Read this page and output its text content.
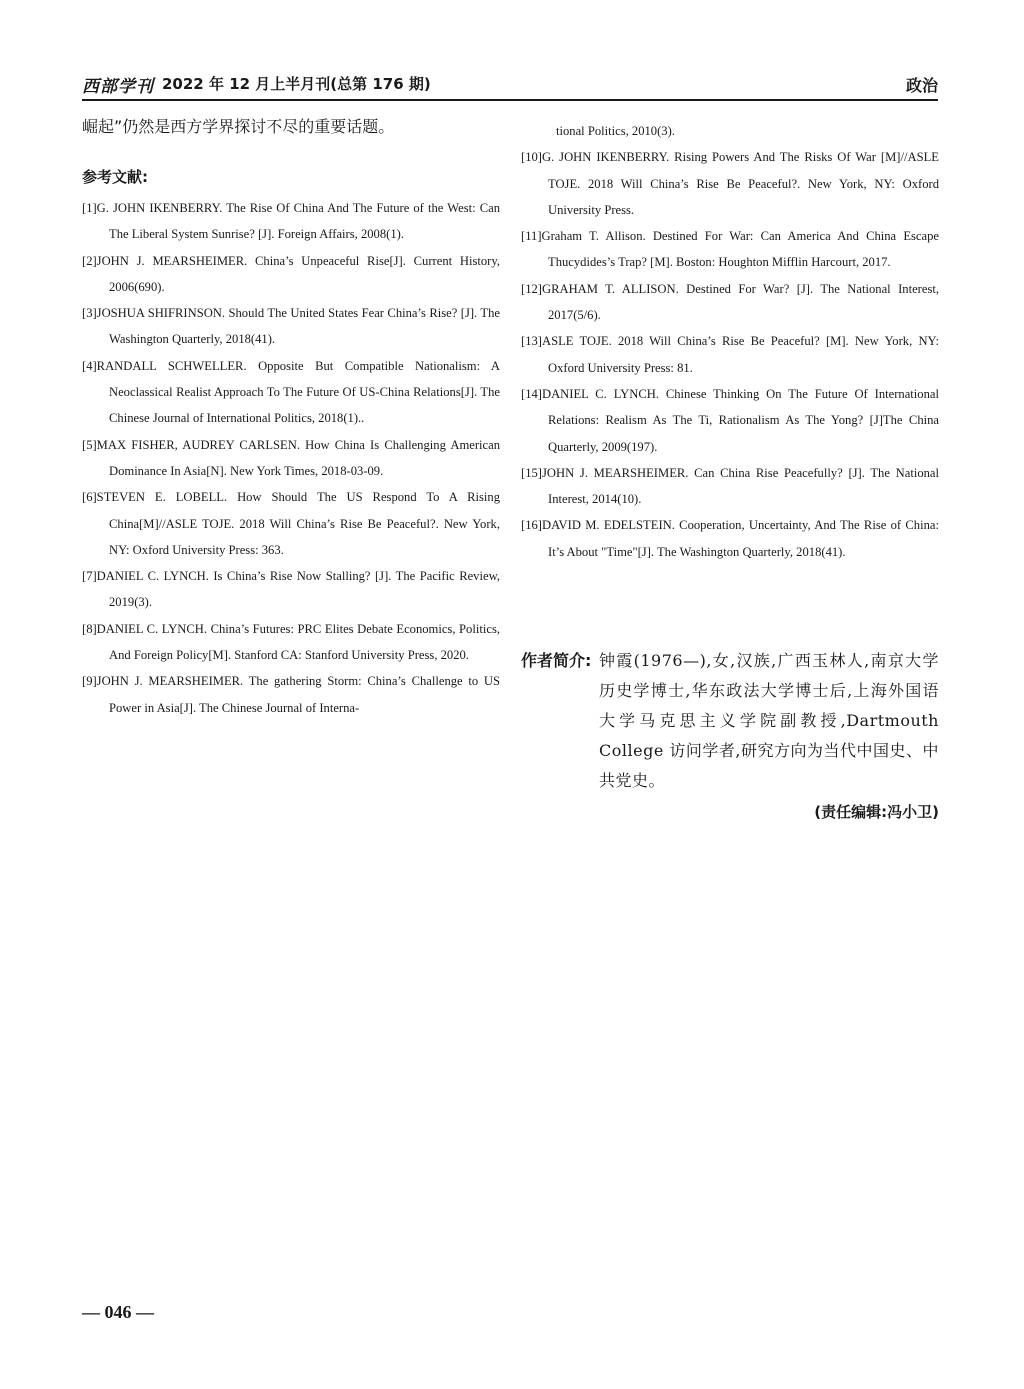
西部学刊 2022 年 12 月上半月刊(总第 176 期)	政治

崛起”仍然是西方学界探讨不尽的重要话题。

参考文献:

[1]G. JOHN IKENBERRY. The Rise Of China And The Future of the West: Can The Liberal System Sunrise? [J]. Foreign Affairs, 2008(1).

[2]JOHN J. MEARSHEIMER. China’s Unpeaceful Rise[J]. Current History, 2006(690).

[3]JOSHUA SHIFRINSON. Should The United States Fear China’s Rise? [J]. The Washington Quarterly, 2018(41).

[4]RANDALL SCHWELLER. Opposite But Compatible Nationalism: A Neoclassical Realist Approach To The Future Of US-China Relations[J]. The Chinese Journal of International Politics, 2018(1)..

[5]MAX FISHER, AUDREY CARLSEN. How China Is Challenging American Dominance In Asia[N]. New York Times, 2018-03-09.

[6]STEVEN E. LOBELL. How Should The US Respond To A Rising China[M]//ASLE TOJE. 2018 Will China’s Rise Be Peaceful?. New York, NY: Oxford University Press: 363.

[7]DANIEL C. LYNCH. Is China’s Rise Now Stalling? [J]. The Pacific Review, 2019(3).

[8]DANIEL C. LYNCH. China’s Futures: PRC Elites Debate Economics, Politics, And Foreign Policy[M]. Stanford CA: Stanford University Press, 2020.

[9]JOHN J. MEARSHEIMER. The gathering Storm: China’s Challenge to US Power in Asia[J]. The Chinese Journal of Interna-

tional Politics, 2010(3).

[10]G. JOHN IKENBERRY. Rising Powers And The Risks Of War [M]//ASLE TOJE. 2018 Will China’s Rise Be Peaceful?. New York, NY: Oxford University Press.

[11]Graham T. Allison. Destined For War: Can America And China Escape Thucydides’s Trap? [M]. Boston: Houghton Mifflin Harcourt, 2017.

[12]GRAHAM T. ALLISON. Destined For War? [J]. The National Interest, 2017(5/6).

[13]ASLE TOJE. 2018 Will China’s Rise Be Peaceful? [M]. New York, NY: Oxford University Press: 81.

[14]DANIEL C. LYNCH. Chinese Thinking On The Future Of International Relations: Realism As The Ti, Rationalism As The Yong? [J]The China Quarterly, 2009(197).

[15]JOHN J. MEARSHEIMER. Can China Rise Peacefully? [J]. The National Interest, 2014(10).

[16]DAVID M. EDELSTEIN. Cooperation, Uncertainty, And The Rise of China: It’s About "Time"[J]. The Washington Quarterly, 2018(41).

作者简介: 钟霞(1976—),女,汉族,广西玉林人,南京大学历史学博士,华东政法大学博士后,上海外国语大学马克思主义学院副教授,Dartmouth College 访问学者,研究方向为当代中国史、中共党史。
(责任编辑:冯小卫)
— 046 —
